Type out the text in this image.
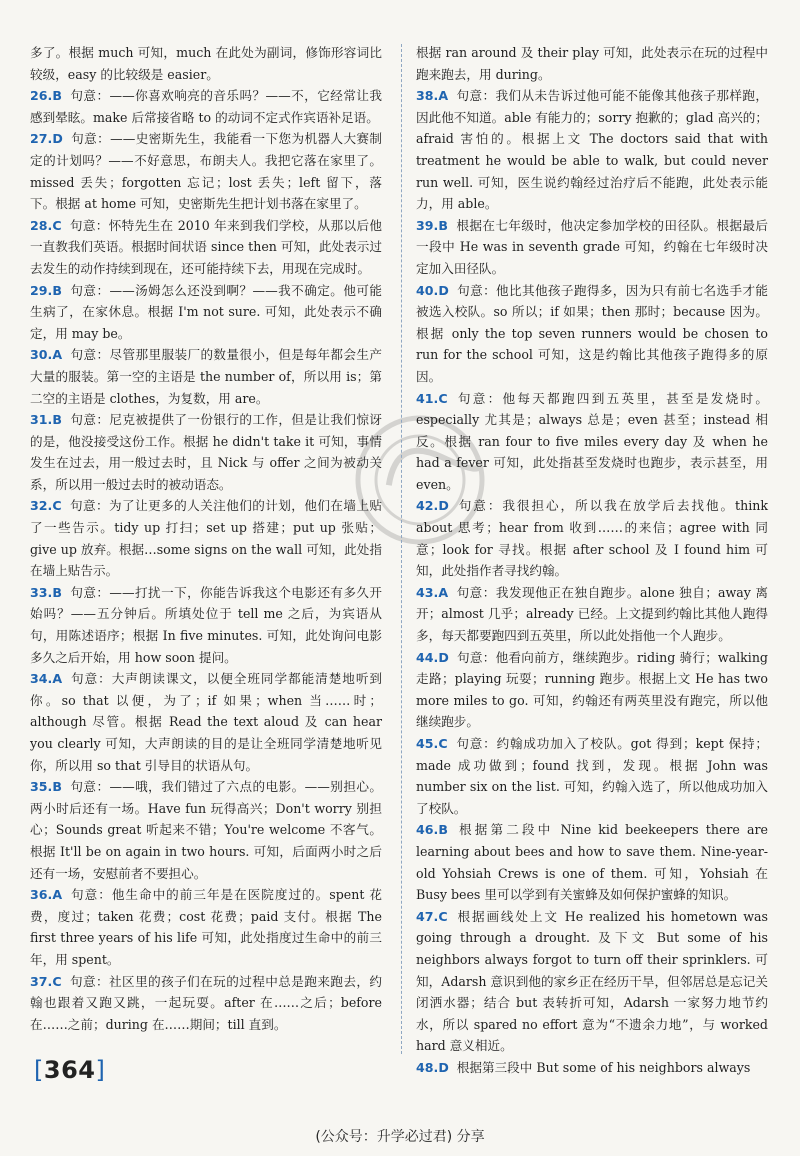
多了。根据 much 可知，much 在此处为副词，修饰形容词比较级，easy 的比较级是 easier。

26.B 句意：——你喜欢响亮的音乐吗？——不，它经常让我感到晕眩。make 后常接省略 to 的动词不定式作宾语补足语。

27.D 句意：——史密斯先生，我能看一下您为机器人大赛制定的计划吗？——不好意思，布朗夫人。我把它落在家里了。missed 丢失；forgotten 忘记；lost 丢失；left 留下，落下。根据 at home 可知，史密斯先生把计划书落在家里了。

28.C 句意：怀特先生在 2010 年来到我们学校，从那以后他一直教我们英语。根据时间状语 since then 可知，此处表示过去发生的动作持续到现在，还可能持续下去，用现在完成时。

29.B 句意：——汤姆怎么还没到啊？——我不确定。他可能生病了，在家休息。根据 I'm not sure. 可知，此处表示不确定，用 may be。

30.A 句意：尽管那里服装厂的数量很小，但是每年都会生产大量的服装。第一空的主语是 the number of，所以用 is；第二空的主语是 clothes，为复数，用 are。

31.B 句意：尼克被提供了一份银行的工作，但是让我们惊讶的是，他没接受这份工作。根据 he didn't take it 可知，事情发生在过去，用一般过去时，且 Nick 与 offer 之间为被动关系，所以用一般过去时的被动语态。

32.C 句意：为了让更多的人关注他们的计划，他们在墙上贴了一些告示。tidy up 打扫；set up 搭建；put up 张贴；give up 放弃。根据…some signs on the wall 可知，此处指在墙上贴告示。

33.B 句意：——打扰一下，你能告诉我这个电影还有多久开始吗？——五分钟后。所填处位于 tell me 之后，为宾语从句，用陈述语序；根据 In five minutes. 可知，此处询问电影多久之后开始，用 how soon 提问。

34.A 句意：大声朗读课文，以便全班同学都能清楚地听到你。so that 以便，为了；if 如果；when 当……时；although 尽管。根据 Read the text aloud 及 can hear you clearly 可知，大声朗读的目的是让全班同学清楚地听见你，所以用 so that 引导目的状语从句。

35.B 句意：——哦，我们错过了六点的电影。——别担心。两小时后还有一场。Have fun 玩得高兴；Don't worry 别担心；Sounds great 听起来不错；You're welcome 不客气。根据 It'll be on again in two hours. 可知，后面两小时之后还有一场，安慰前者不要担心。

36.A 句意：他生命中的前三年是在医院度过的。spent 花费，度过；taken 花费；cost 花费；paid 支付。根据 The first three years of his life 可知，此处指度过生命中的前三年，用 spent。

37.C 句意：社区里的孩子们在玩的过程中总是跑来跑去，约翰也跟着又跑又跳，一起玩耍。after 在……之后；before 在……之前；during 在……期间；till 直到。

根据 ran around 及 their play 可知，此处表示在玩的过程中跑来跑去，用 during。

38.A 句意：我们从未告诉过他可能不能像其他孩子那样跑，因此他不知道。able 有能力的；sorry 抱歉的；glad 高兴的；afraid 害怕的。根据上文 The doctors said that with treatment he would be able to walk, but could never run well. 可知，医生说约翰经过治疗后不能跑，此处表示能力，用 able。

39.B 根据在七年级时，他决定参加学校的田径队。根据最后一段中 He was in seventh grade 可知，约翰在七年级时决定加入田径队。

40.D 句意：他比其他孩子跑得多，因为只有前七名选手才能被选入校队。so 所以；if 如果；then 那时；because 因为。根据 only the top seven runners would be chosen to run for the school 可知，这是约翰比其他孩子跑得多的原因。

41.C 句意：他每天都跑四到五英里，甚至是发烧时。especially 尤其是；always 总是；even 甚至；instead 相反。根据 ran four to five miles every day 及 when he had a fever 可知，此处指甚至发烧时也跑步，表示甚至，用 even。

42.D 句意：我很担心，所以我在放学后去找他。think about 思考；hear from 收到……的来信；agree with 同意；look for 寻找。根据 after school 及 I found him 可知，此处指作者寻找约翰。

43.A 句意：我发现他正在独自跑步。alone 独自；away 离开；almost 几乎；already 已经。上文提到约翰比其他人跑得多，每天都要跑四到五英里，所以此处指他一个人跑步。

44.D 句意：他看向前方，继续跑步。riding 骑行；walking 走路；playing 玩耍；running 跑步。根据上文 He has two more miles to go. 可知，约翰还有两英里没有跑完，所以他继续跑步。

45.C 句意：约翰成功加入了校队。got 得到；kept 保持；made 成功做到；found 找到，发现。根据 John was number six on the list. 可知，约翰入选了，所以他成功加入了校队。

46.B 根据第二段中 Nine kid beekeepers there are learning about bees and how to save them. Nine-year-old Yohsiah Crews is one of them. 可知，Yohsiah 在 Busy bees 里可以学到有关蜜蜂及如何保护蜜蜂的知识。

47.C 根据画线处上文 He realized his hometown was going through a drought. 及下文 But some of his neighbors always forgot to turn off their sprinklers. 可知，Adarsh 意识到他的家乡正在经历干旱，但邻居总是忘记关闭洒水器；结合 but 表转折可知，Adarsh 一家努力地节约水，所以 spared no effort 意为“不遗余力地”，与 worked hard 意义相近。

48.D 根据第三段中 But some of his neighbors always

[364]
(公众号：升学必过君) 分享
